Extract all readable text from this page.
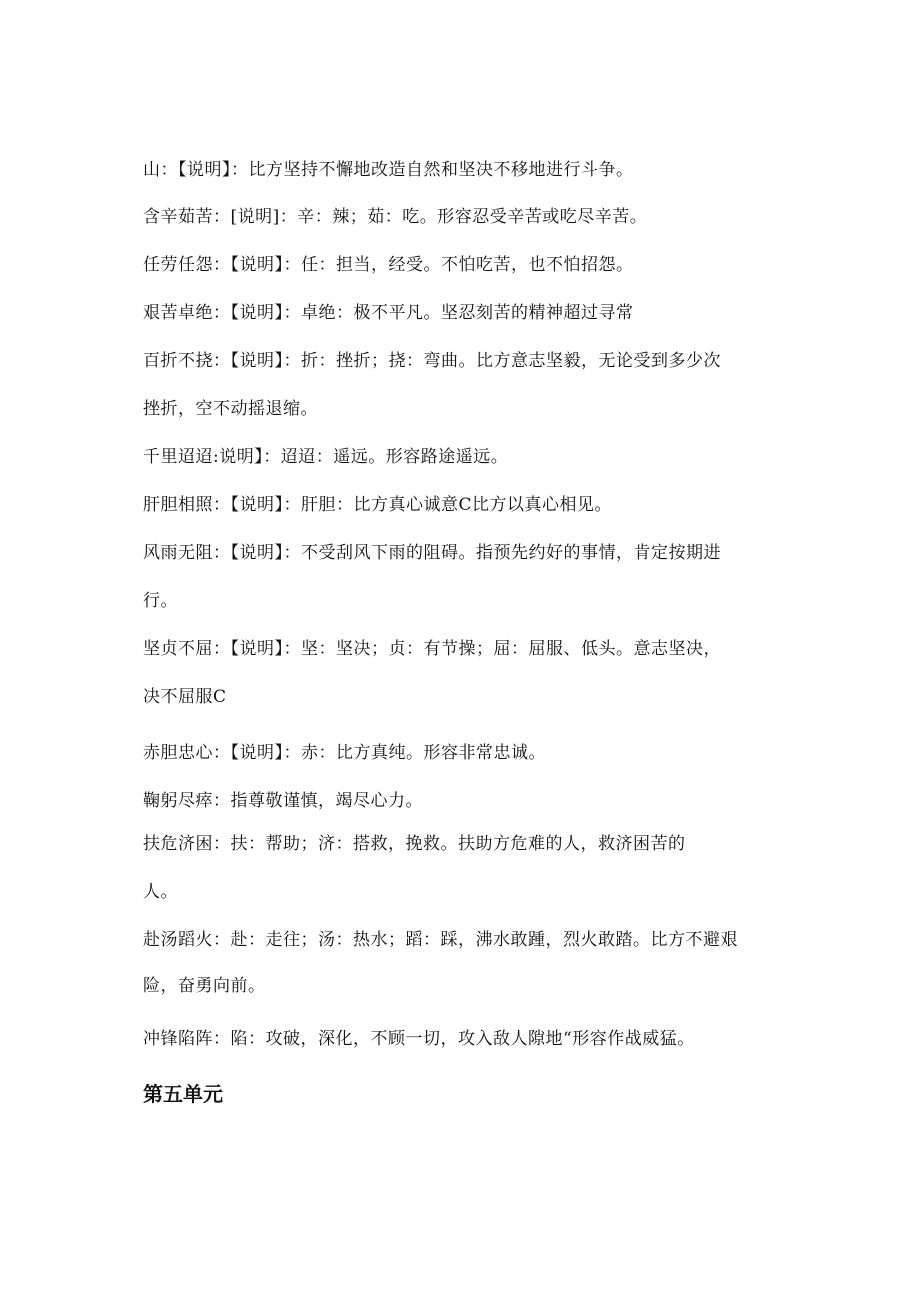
山：【说明】：比方坚持不懈地改造自然和坚决不移地进行斗争。
含辛茹苦：[说明]：辛：辣；茹：吃。形容忍受辛苦或吃尽辛苦。
任劳任怨：【说明】：任：担当，经受。不怕吃苦，也不怕招怨。
艰苦卓绝：【说明】：卓绝：极不平凡。坚忍刻苦的精神超过寻常
百折不挠：【说明】：折：挫折；挠：弯曲。比方意志坚毅，无论受到多少次
挫折，空不动摇退缩。
千里迢迢:说明】：迢迢：遥远。形容路途遥远。
肝胆相照：【说明】：肝胆：比方真心诚意C比方以真心相见。
风雨无阻：【说明】：不受刮风下雨的阻碍。指预先约好的事情，肯定按期进
行。
坚贞不屈：【说明】：坚：坚决；贞：有节操；屈：屈服、低头。意志坚决，
决不屈服C
赤胆忠心：【说明】：赤：比方真纯。形容非常忠诚。
鞠躬尽瘁：指尊敬谨慎，竭尽心力。
扶危济困：扶：帮助；济：搭救，挽救。扶助方危难的人，救济困苦的
人。
赴汤蹈火：赴：走往；汤：热水；蹈：踩，沸水敢踵，烈火敢踏。比方不避艰
险，奋勇向前。
冲锋陷阵：陷：攻破，深化，不顾一切，攻入敌人隙地“形容作战威猛。
第五单元
